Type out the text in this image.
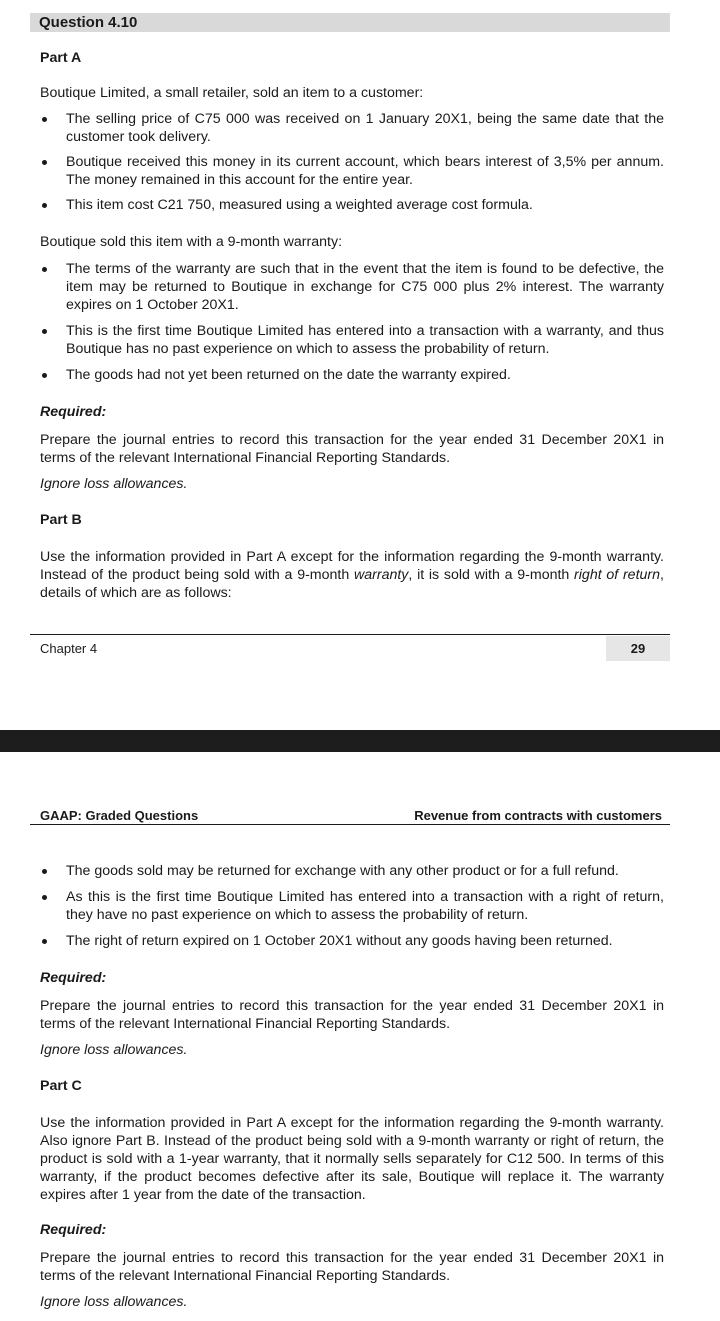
Question 4.10
Part A
Boutique Limited, a small retailer, sold an item to a customer:
The selling price of C75 000 was received on 1 January 20X1, being the same date that the customer took delivery.
Boutique received this money in its current account, which bears interest of 3,5% per annum. The money remained in this account for the entire year.
This item cost C21 750, measured using a weighted average cost formula.
Boutique sold this item with a 9-month warranty:
The terms of the warranty are such that in the event that the item is found to be defective, the item may be returned to Boutique in exchange for C75 000 plus 2% interest. The warranty expires on 1 October 20X1.
This is the first time Boutique Limited has entered into a transaction with a warranty, and thus Boutique has no past experience on which to assess the probability of return.
The goods had not yet been returned on the date the warranty expired.
Required:
Prepare the journal entries to record this transaction for the year ended 31 December 20X1 in terms of the relevant International Financial Reporting Standards.
Ignore loss allowances.
Part B
Use the information provided in Part A except for the information regarding the 9-month warranty. Instead of the product being sold with a 9-month warranty, it is sold with a 9-month right of return, details of which are as follows:
Chapter 4	29
GAAP: Graded Questions	Revenue from contracts with customers
The goods sold may be returned for exchange with any other product or for a full refund.
As this is the first time Boutique Limited has entered into a transaction with a right of return, they have no past experience on which to assess the probability of return.
The right of return expired on 1 October 20X1 without any goods having been returned.
Required:
Prepare the journal entries to record this transaction for the year ended 31 December 20X1 in terms of the relevant International Financial Reporting Standards.
Ignore loss allowances.
Part C
Use the information provided in Part A except for the information regarding the 9-month warranty. Also ignore Part B. Instead of the product being sold with a 9-month warranty or right of return, the product is sold with a 1-year warranty, that it normally sells separately for C12 500. In terms of this warranty, if the product becomes defective after its sale, Boutique will replace it. The warranty expires after 1 year from the date of the transaction.
Required:
Prepare the journal entries to record this transaction for the year ended 31 December 20X1 in terms of the relevant International Financial Reporting Standards.
Ignore loss allowances.
